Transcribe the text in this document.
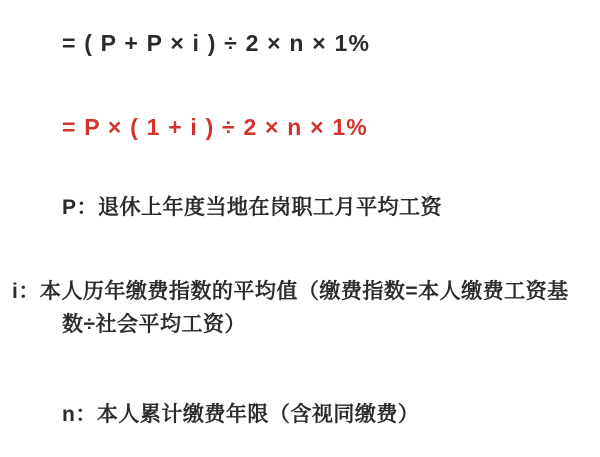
= ( P + P × i ) ÷ 2 × n × 1%
= P × ( 1 + i ) ÷ 2 × n × 1%
P：退休上年度当地在岗职工月平均工资
i：本人历年缴费指数的平均值（缴费指数=本人缴费工资基数÷社会平均工资）
n：本人累计缴费年限（含视同缴费）
